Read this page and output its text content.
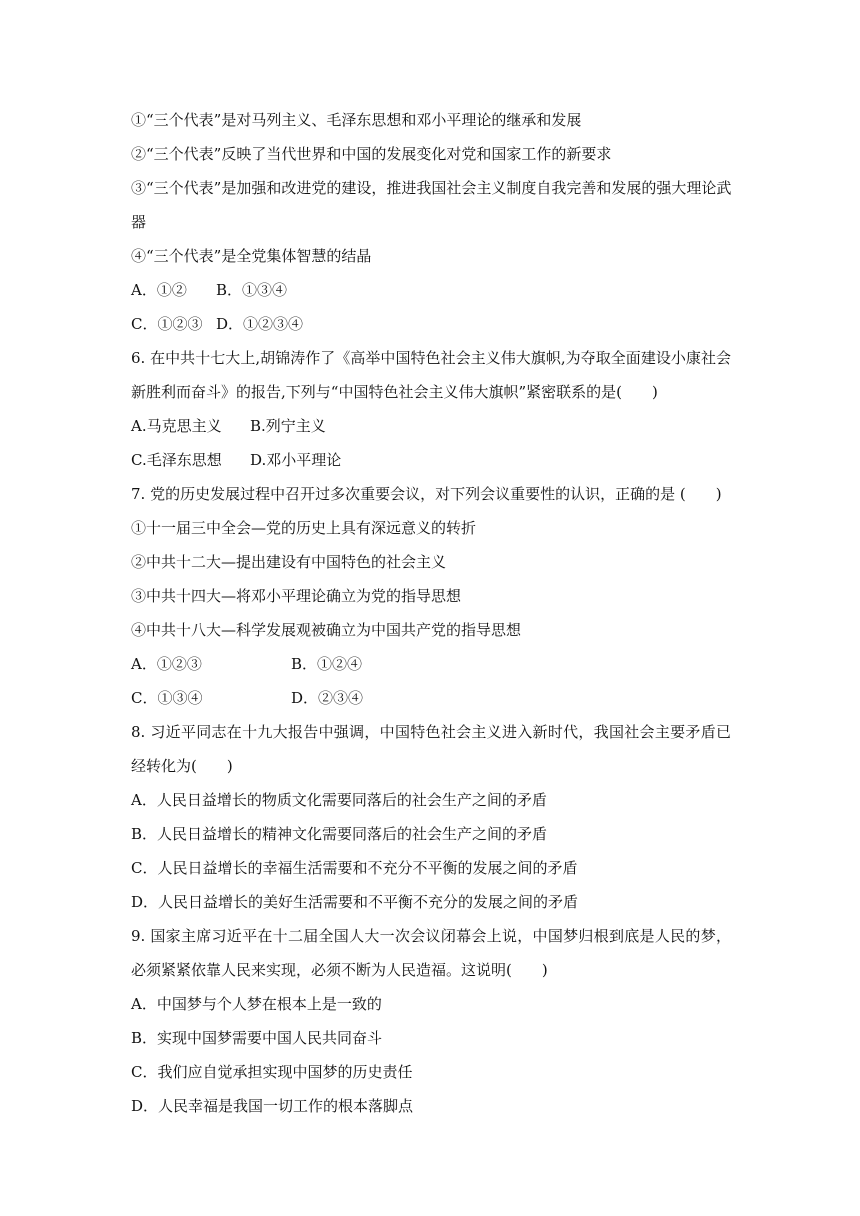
①“三个代表”是对马列主义、毛泽东思想和邓小平理论的继承和发展
②“三个代表”反映了当代世界和中国的发展变化对党和国家工作的新要求
③“三个代表”是加强和改进党的建设，推进我国社会主义制度自我完善和发展的强大理论武
器
④“三个代表”是全党集体智慧的结晶
A．①② B．①③④
C．①②③ D．①②③④
6. 在中共十七大上,胡锦涛作了《高举中国特色社会主义伟大旗帜,为夺取全面建设小康社会
新胜利而奋斗》的报告,下列与“中国特色社会主义伟大旗帜”紧密联系的是(　　)
A.马克思主义 B.列宁主义
C.毛泽东思想 D.邓小平理论
7. 党的历史发展过程中召开过多次重要会议，对下列会议重要性的认识，正确的是 (　　)
①十一届三中全会—党的历史上具有深远意义的转折
②中共十二大—提出建设有中国特色的社会主义
③中共十四大—将邓小平理论确立为党的指导思想
④中共十八大—科学发展观被确立为中国共产党的指导思想
A．①②③	B．①②④
C．①③④	D．②③④
8. 习近平同志在十九大报告中强调，中国特色社会主义进入新时代，我国社会主要矛盾已
经转化为(　　)
A．人民日益增长的物质文化需要同落后的社会生产之间的矛盾
B．人民日益增长的精神文化需要同落后的社会生产之间的矛盾
C．人民日益增长的幸福生活需要和不充分不平衡的发展之间的矛盾
D．人民日益增长的美好生活需要和不平衡不充分的发展之间的矛盾
9. 国家主席习近平在十二届全国人大一次会议闭幕会上说，中国梦归根到底是人民的梦，
必须紧紧依靠人民来实现，必须不断为人民造福。这说明(　　)
A．中国梦与个人梦在根本上是一致的
B．实现中国梦需要中国人民共同奋斗
C．我们应自觉承担实现中国梦的历史责任
D．人民幸福是我国一切工作的根本落脚点
